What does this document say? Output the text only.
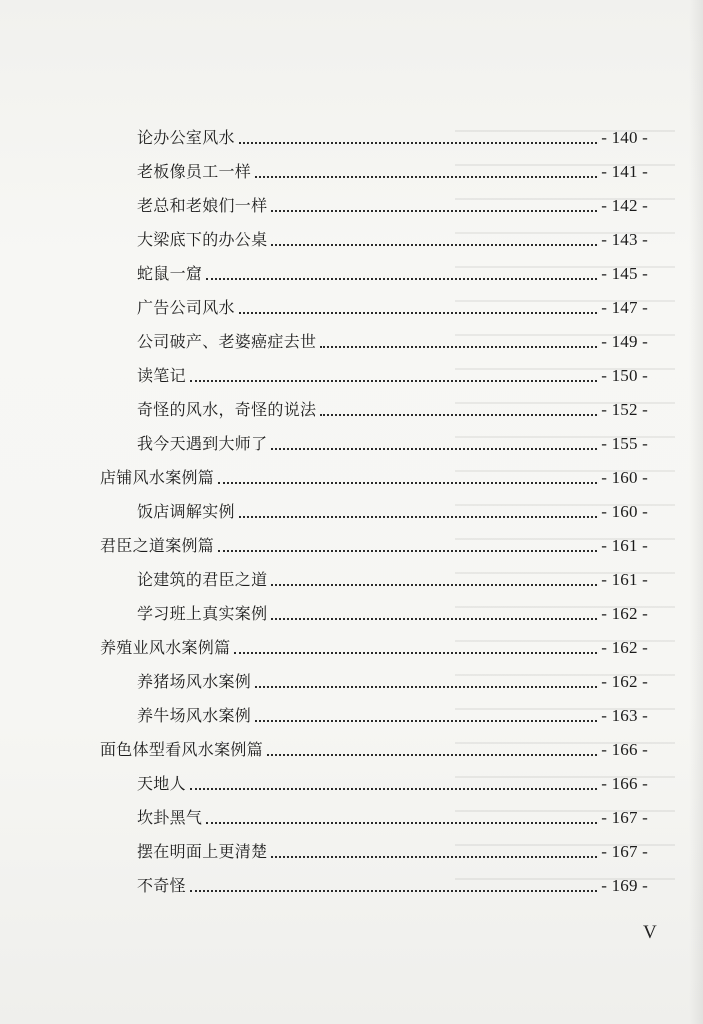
论办公室风水	- 140 -
老板像员工一样	- 141 -
老总和老娘们一样	- 142 -
大梁底下的办公桌	- 143 -
蛇鼠一窟	- 145 -
广告公司风水	- 147 -
公司破产、老婆癌症去世	- 149 -
读笔记	- 150 -
奇怪的风水，奇怪的说法	- 152 -
我今天遇到大师了	- 155 -
店铺风水案例篇	- 160 -
饭店调解实例	- 160 -
君臣之道案例篇	- 161 -
论建筑的君臣之道	- 161 -
学习班上真实案例	- 162 -
养殖业风水案例篇	- 162 -
养猪场风水案例	- 162 -
养牛场风水案例	- 163 -
面色体型看风水案例篇	- 166 -
天地人	- 166 -
坎卦黑气	- 167 -
摆在明面上更清楚	- 167 -
不奇怪	- 169 -
V
